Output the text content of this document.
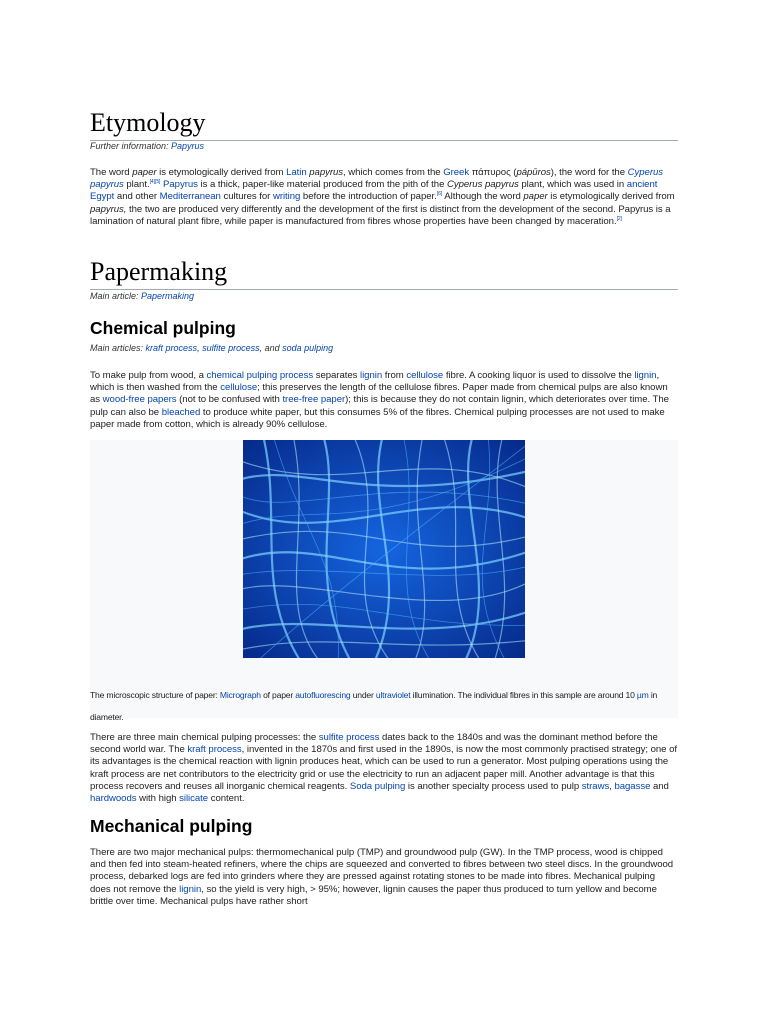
Etymology
Further information: Papyrus

The word paper is etymologically derived from Latin papyrus, which comes from the Greek πάπυρος (pápūros), the word for the Cyperus papyrus plant.[4][5] Papyrus is a thick, paper-like material produced from the pith of the Cyperus papyrus plant, which was used in ancient Egypt and other Mediterranean cultures for writing before the introduction of paper.[6] Although the word paper is etymologically derived from papyrus, the two are produced very differently and the development of the first is distinct from the development of the second. Papyrus is a lamination of natural plant fibre, while paper is manufactured from fibres whose properties have been changed by maceration.[2]

Papermaking
Main article: Papermaking
Chemical pulping
Main articles: kraft process, sulfite process, and soda pulping

To make pulp from wood, a chemical pulping process separates lignin from cellulose fibre. A cooking liquor is used to dissolve the lignin, which is then washed from the cellulose; this preserves the length of the cellulose fibres. Paper made from chemical pulps are also known as wood-free papers (not to be confused with tree-free paper); this is because they do not contain lignin, which deteriorates over time. The pulp can also be bleached to produce white paper, but this consumes 5% of the fibres. Chemical pulping processes are not used to make paper made from cotton, which is already 90% cellulose.

The microscopic structure of paper: Micrograph of paper autofluorescing under ultraviolet illumination. The individual fibres in this sample are around 10 µm in diameter.

There are three main chemical pulping processes: the sulfite process dates back to the 1840s and was the dominant method before the second world war. The kraft process, invented in the 1870s and first used in the 1890s, is now the most commonly practised strategy; one of its advantages is the chemical reaction with lignin produces heat, which can be used to run a generator. Most pulping operations using the kraft process are net contributors to the electricity grid or use the electricity to run an adjacent paper mill. Another advantage is that this process recovers and reuses all inorganic chemical reagents. Soda pulping is another specialty process used to pulp straws, bagasse and hardwoods with high silicate content.

Mechanical pulping

There are two major mechanical pulps: thermomechanical pulp (TMP) and groundwood pulp (GW). In the TMP process, wood is chipped and then fed into steam-heated refiners, where the chips are squeezed and converted to fibres between two steel discs. In the groundwood process, debarked logs are fed into grinders where they are pressed against rotating stones to be made into fibres. Mechanical pulping does not remove the lignin, so the yield is very high, > 95%; however, lignin causes the paper thus produced to turn yellow and become brittle over time. Mechanical pulps have rather short
